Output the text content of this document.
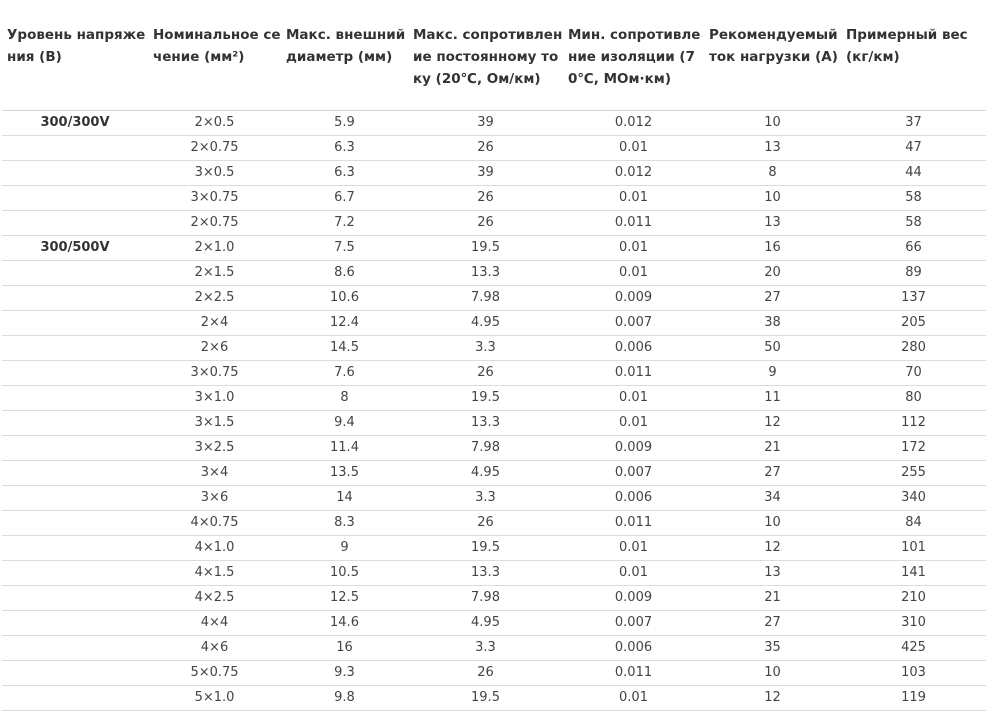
Уровень напряжения (В)	Номинальное сечение (мм²)	Макс. внешний диаметр (мм)	Макс. сопротивление постоянному току (20℃, Ом/км)	Мин. сопротивление изоляции (70℃, МОм·км)	Рекомендуемый ток нагрузки (А)	Примерный вес (кг/км)

300/300V	2×0.5	5.9	39	0.012	10	37
	2×0.75	6.3	26	0.01	13	47
	3×0.5	6.3	39	0.012	8	44
	3×0.75	6.7	26	0.01	10	58
	2×0.75	7.2	26	0.011	13	58
300/500V	2×1.0	7.5	19.5	0.01	16	66
	2×1.5	8.6	13.3	0.01	20	89
	2×2.5	10.6	7.98	0.009	27	137
	2×4	12.4	4.95	0.007	38	205
	2×6	14.5	3.3	0.006	50	280
	3×0.75	7.6	26	0.011	9	70
	3×1.0	8	19.5	0.01	11	80
	3×1.5	9.4	13.3	0.01	12	112
	3×2.5	11.4	7.98	0.009	21	172
	3×4	13.5	4.95	0.007	27	255
	3×6	14	3.3	0.006	34	340
	4×0.75	8.3	26	0.011	10	84
	4×1.0	9	19.5	0.01	12	101
	4×1.5	10.5	13.3	0.01	13	141
	4×2.5	12.5	7.98	0.009	21	210
	4×4	14.6	4.95	0.007	27	310
	4×6	16	3.3	0.006	35	425
	5×0.75	9.3	26	0.011	10	103
	5×1.0	9.8	19.5	0.01	12	119
